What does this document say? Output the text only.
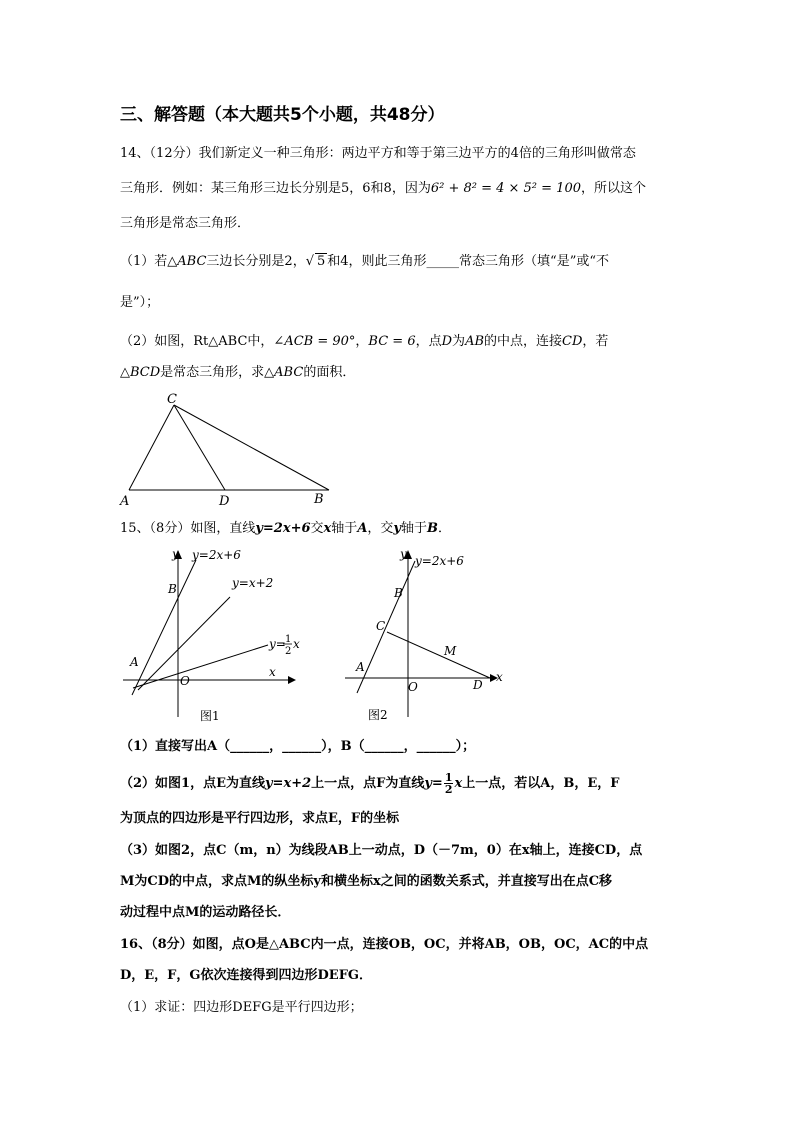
三、解答题（本大题共5个小题，共48分）
14、（12分）我们新定义一种三角形：两边平方和等于第三边平方的4倍的三角形叫做常态
三角形．例如：某三角形三边长分别是5，6和8，因为6² + 8² = 4 × 5² = 100，所以这个
三角形是常态三角形．
（1）若△ABC三边长分别是2，√ 5 和4，则此三角形_____常态三角形（填“是”或“不
是”）；
（2）如图，Rt△ABC中，∠ACB = 90°，BC = 6，点D为AB的中点，连接CD，若
△BCD是常态三角形，求△ABC的面积．
C
A	D	B
15、（8分）如图，直线y=2x+6交x轴于A，交y轴于B．
y y=2x+6
y=x+2
y= 1
2
x
B
A
O
x
图1
y y=2x+6
B
C
M
A
O	D
x
图2
（1）直接写出A（______，______），B（______，______）；
（2）如图1，点E为直线y=x+2上一点，点F为直线$y= \frac{1}{2}$ x上一点，若以A，B，E，F
为顶点的四边形是平行四边形，求点E，F的坐标
（3）如图2，点C（m，n）为线段AB上一动点，D（－7m，0）在x轴上，连接CD，点
M为CD的中点，求点M的纵坐标y和横坐标x之间的函数关系式，并直接写出在点C移
动过程中点M的运动路径长．
16、（8分）如图，点O是△ABC内一点，连接OB，OC，并将AB，OB，OC，AC的中点
D，E，F，G依次连接得到四边形DEFG．
（1）求证：四边形DEFG是平行四边形；
